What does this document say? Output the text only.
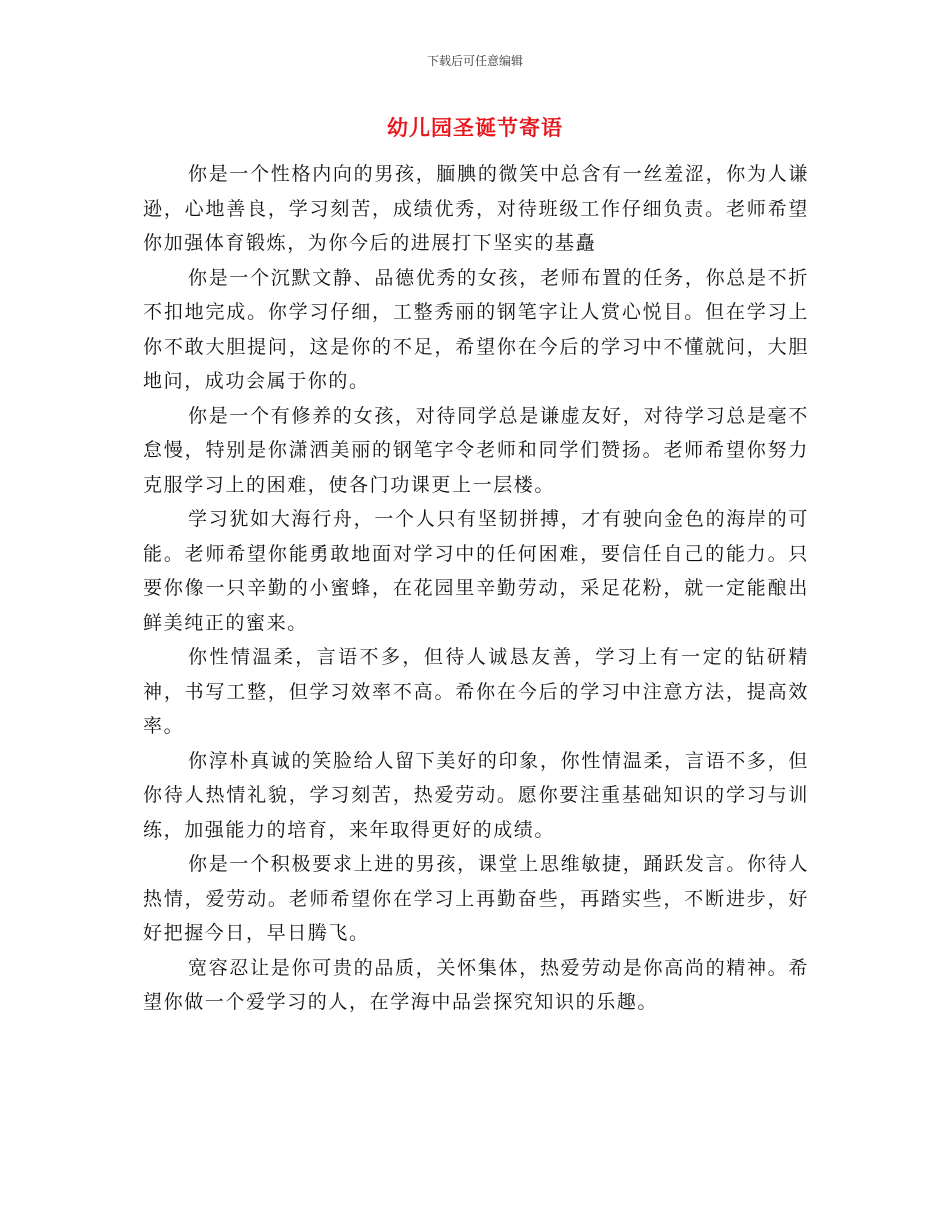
下载后可任意编辑
幼儿园圣诞节寄语

你是一个性格内向的男孩，腼腆的微笑中总含有一丝羞涩，你为人谦逊，心地善良，学习刻苦，成绩优秀，对待班级工作仔细负责。老师希望你加强体育锻炼，为你今后的进展打下坚实的基矗

你是一个沉默文静、品德优秀的女孩，老师布置的任务，你总是不折不扣地完成。你学习仔细，工整秀丽的钢笔字让人赏心悦目。但在学习上你不敢大胆提问，这是你的不足，希望你在今后的学习中不懂就问，大胆地问，成功会属于你的。

你是一个有修养的女孩，对待同学总是谦虚友好，对待学习总是毫不怠慢，特别是你潇洒美丽的钢笔字令老师和同学们赞扬。老师希望你努力克服学习上的困难，使各门功课更上一层楼。

学习犹如大海行舟，一个人只有坚韧拼搏，才有驶向金色的海岸的可能。老师希望你能勇敢地面对学习中的任何困难，要信任自己的能力。只要你像一只辛勤的小蜜蜂，在花园里辛勤劳动，采足花粉，就一定能酿出鲜美纯正的蜜来。

你性情温柔，言语不多，但待人诚恳友善，学习上有一定的钻研精神，书写工整，但学习效率不高。希你在今后的学习中注意方法，提高效率。

你淳朴真诚的笑脸给人留下美好的印象，你性情温柔，言语不多，但你待人热情礼貌，学习刻苦，热爱劳动。愿你要注重基础知识的学习与训练，加强能力的培育，来年取得更好的成绩。

你是一个积极要求上进的男孩，课堂上思维敏捷，踊跃发言。你待人热情，爱劳动。老师希望你在学习上再勤奋些，再踏实些，不断进步，好好把握今日，早日腾飞。

宽容忍让是你可贵的品质，关怀集体，热爱劳动是你高尚的精神。希望你做一个爱学习的人，在学海中品尝探究知识的乐趣。
